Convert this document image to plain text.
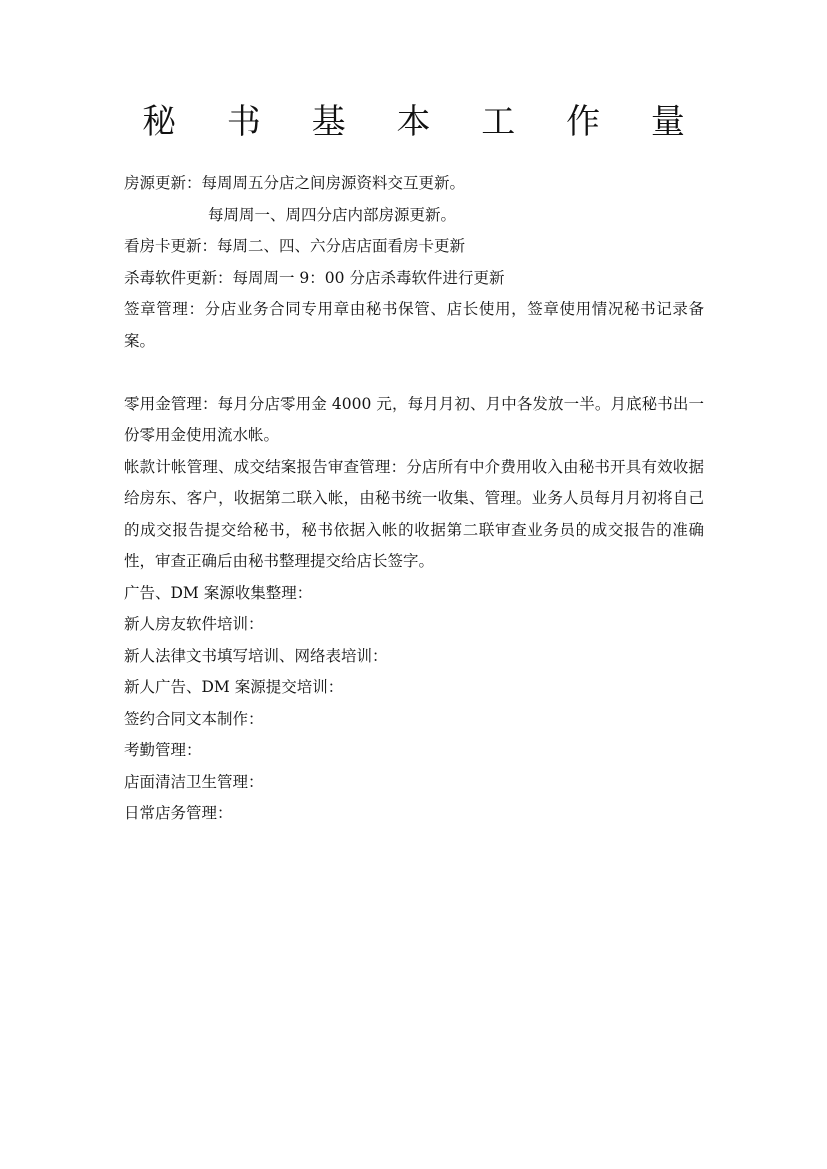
秘 书 基 本 工 作 量

房源更新：每周周五分店之间房源资料交互更新。

每周周一、周四分店内部房源更新。

看房卡更新：每周二、四、六分店店面看房卡更新

杀毒软件更新：每周周一 9：00 分店杀毒软件进行更新

签章管理：分店业务合同专用章由秘书保管、店长使用，签章使用情况秘书记录备案。

零用金管理：每月分店零用金 4000 元，每月月初、月中各发放一半。月底秘书出一份零用金使用流水帐。

帐款计帐管理、成交结案报告审查管理：分店所有中介费用收入由秘书开具有效收据给房东、客户，收据第二联入帐，由秘书统一收集、管理。业务人员每月月初将自己的成交报告提交给秘书，秘书依据入帐的收据第二联审查业务员的成交报告的准确性，审查正确后由秘书整理提交给店长签字。

广告、DM 案源收集整理：

新人房友软件培训：

新人法律文书填写培训、网络表培训：

新人广告、DM 案源提交培训：

签约合同文本制作：

考勤管理：

店面清洁卫生管理：

日常店务管理：
